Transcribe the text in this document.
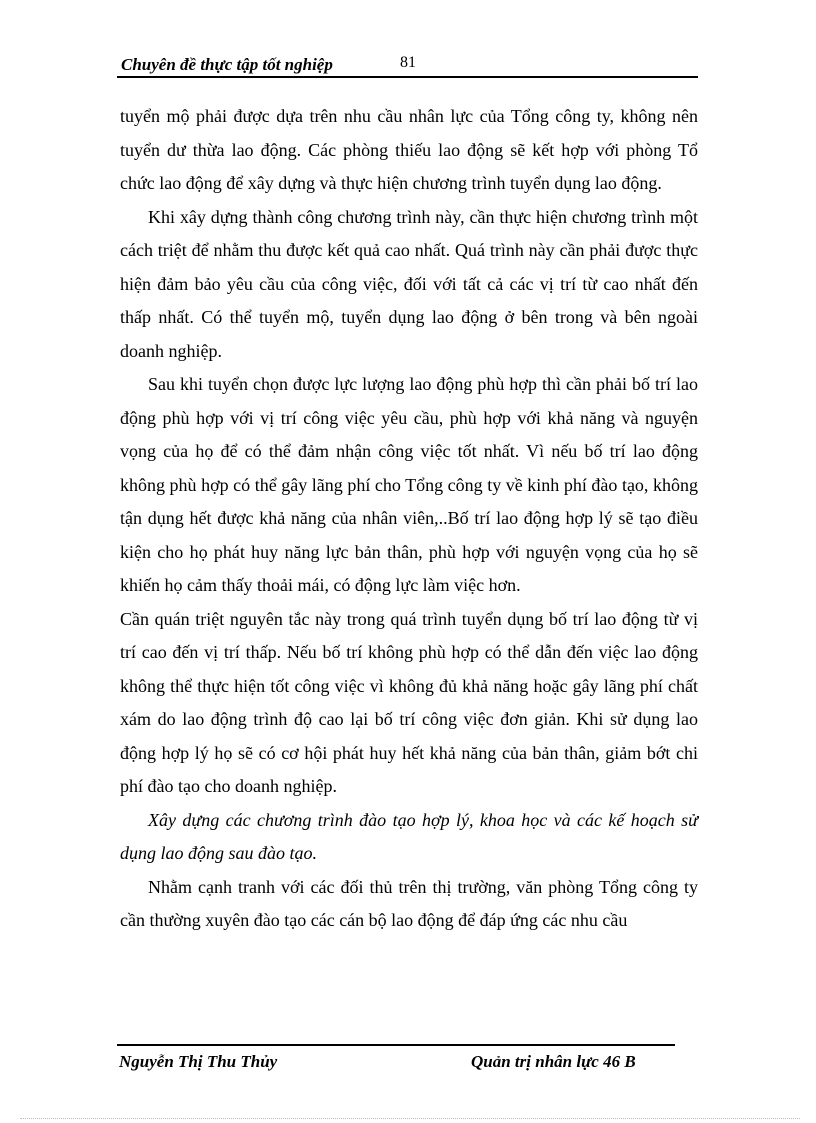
Chuyên đề thực tập tốt nghiệp	81

tuyển mộ phải được dựa trên nhu cầu nhân lực của Tổng công ty, không nên tuyển dư thừa lao động. Các phòng thiếu lao động sẽ kết hợp với phòng Tổ chức lao động để xây dựng và thực hiện chương trình tuyển dụng lao động.

Khi xây dựng thành công chương trình này, cần thực hiện chương trình một cách triệt để nhằm thu được kết quả cao nhất. Quá trình này cần phải được thực hiện đảm bảo yêu cầu của công việc, đối với tất cả các vị trí từ cao nhất đến thấp nhất. Có thể tuyển mộ, tuyển dụng lao động ở bên trong và bên ngoài doanh nghiệp.

Sau khi tuyển chọn được lực lượng lao động phù hợp thì cần phải bố trí lao động phù hợp với vị trí công việc yêu cầu, phù hợp với khả năng và nguyện vọng của họ để có thể đảm nhận công việc tốt nhất. Vì nếu bố trí lao động không phù hợp có thể gây lãng phí cho Tổng công ty về kinh phí đào tạo, không tận dụng hết được khả năng của nhân viên,..Bố trí lao động hợp lý sẽ tạo điều kiện cho họ phát huy năng lực bản thân, phù hợp với nguyện vọng của họ sẽ khiến họ cảm thấy thoải mái, có động lực làm việc hơn.

Cần quán triệt nguyên tắc này trong quá trình tuyển dụng bố trí lao động từ vị trí cao đến vị trí thấp. Nếu bố trí không phù hợp có thể dẫn đến việc lao động không thể thực hiện tốt công việc vì không đủ khả năng hoặc gây lãng phí chất xám do lao động trình độ cao lại bố trí công việc đơn giản. Khi sử dụng lao động hợp lý họ sẽ có cơ hội phát huy hết khả năng của bản thân, giảm bớt chi phí đào tạo cho doanh nghiệp.

Xây dựng các chương trình đào tạo hợp lý, khoa học và các kế hoạch sử dụng lao động sau đào tạo.

Nhằm cạnh tranh với các đối thủ trên thị trường, văn phòng Tổng công ty cần thường xuyên đào tạo các cán bộ lao động để đáp ứng các nhu cầu

Nguyễn Thị Thu Thủy	Quản trị nhân lực 46 B
